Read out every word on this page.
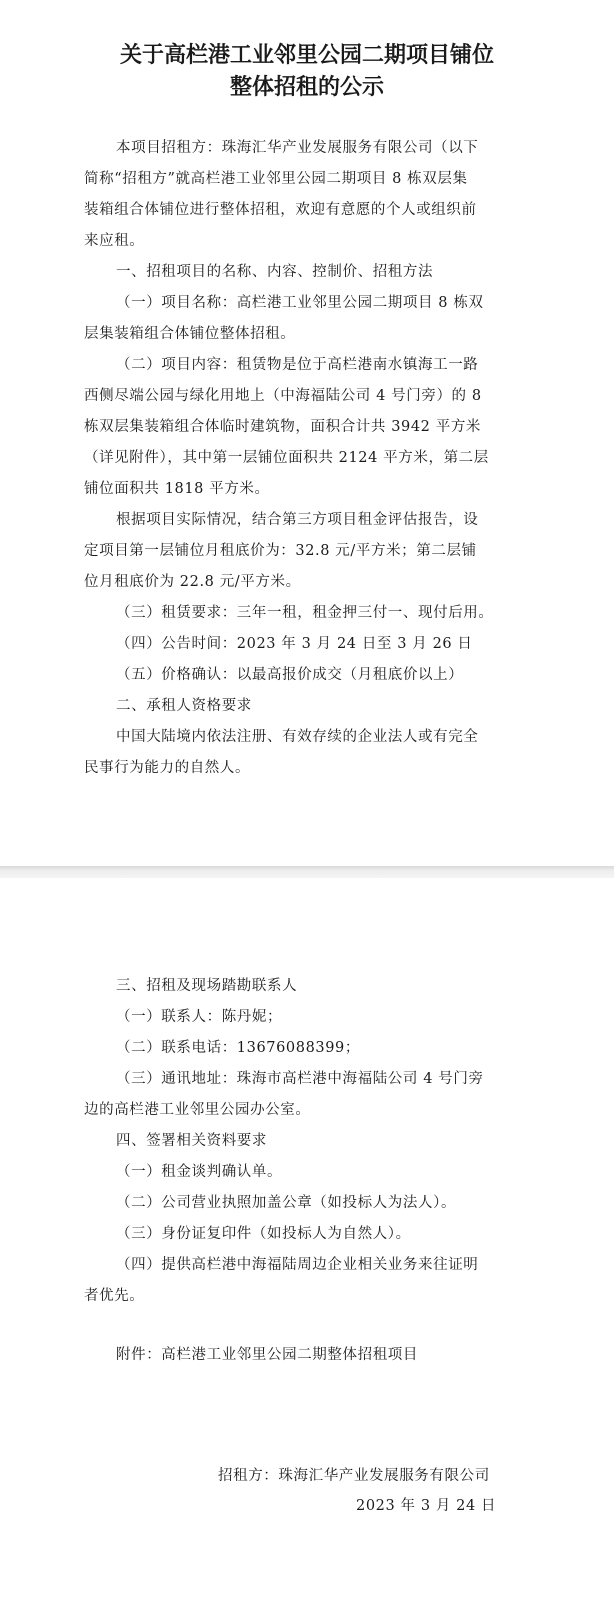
关于高栏港工业邻里公园二期项目铺位
整体招租的公示
本项目招租方：珠海汇华产业发展服务有限公司（以下
简称“招租方”就高栏港工业邻里公园二期项目 8 栋双层集
装箱组合体铺位进行整体招租，欢迎有意愿的个人或组织前
来应租。
一、招租项目的名称、内容、控制价、招租方法
（一）项目名称：高栏港工业邻里公园二期项目 8 栋双
层集装箱组合体铺位整体招租。
（二）项目内容：租赁物是位于高栏港南水镇海工一路
西侧尽端公园与绿化用地上（中海福陆公司 4 号门旁）的 8
栋双层集装箱组合体临时建筑物，面积合计共 3942 平方米
（详见附件），其中第一层铺位面积共 2124 平方米，第二层
铺位面积共 1818 平方米。
根据项目实际情况，结合第三方项目租金评估报告，设
定项目第一层铺位月租底价为：32.8 元/平方米；第二层铺
位月租底价为 22.8 元/平方米。
（三）租赁要求：三年一租，租金押三付一、现付后用。
（四）公告时间：2023 年 3 月 24 日至 3 月 26 日
（五）价格确认：以最高报价成交（月租底价以上）
二、承租人资格要求
中国大陆境内依法注册、有效存续的企业法人或有完全
民事行为能力的自然人。
三、招租及现场踏勘联系人
（一）联系人：陈丹妮；
（二）联系电话：13676088399；
（三）通讯地址：珠海市高栏港中海福陆公司 4 号门旁
边的高栏港工业邻里公园办公室。
四、签署相关资料要求
（一）租金谈判确认单。
（二）公司营业执照加盖公章（如投标人为法人）。
（三）身份证复印件（如投标人为自然人）。
（四）提供高栏港中海福陆周边企业相关业务来往证明
者优先。
附件：高栏港工业邻里公园二期整体招租项目
招租方：珠海汇华产业发展服务有限公司
2023 年 3 月 24 日
